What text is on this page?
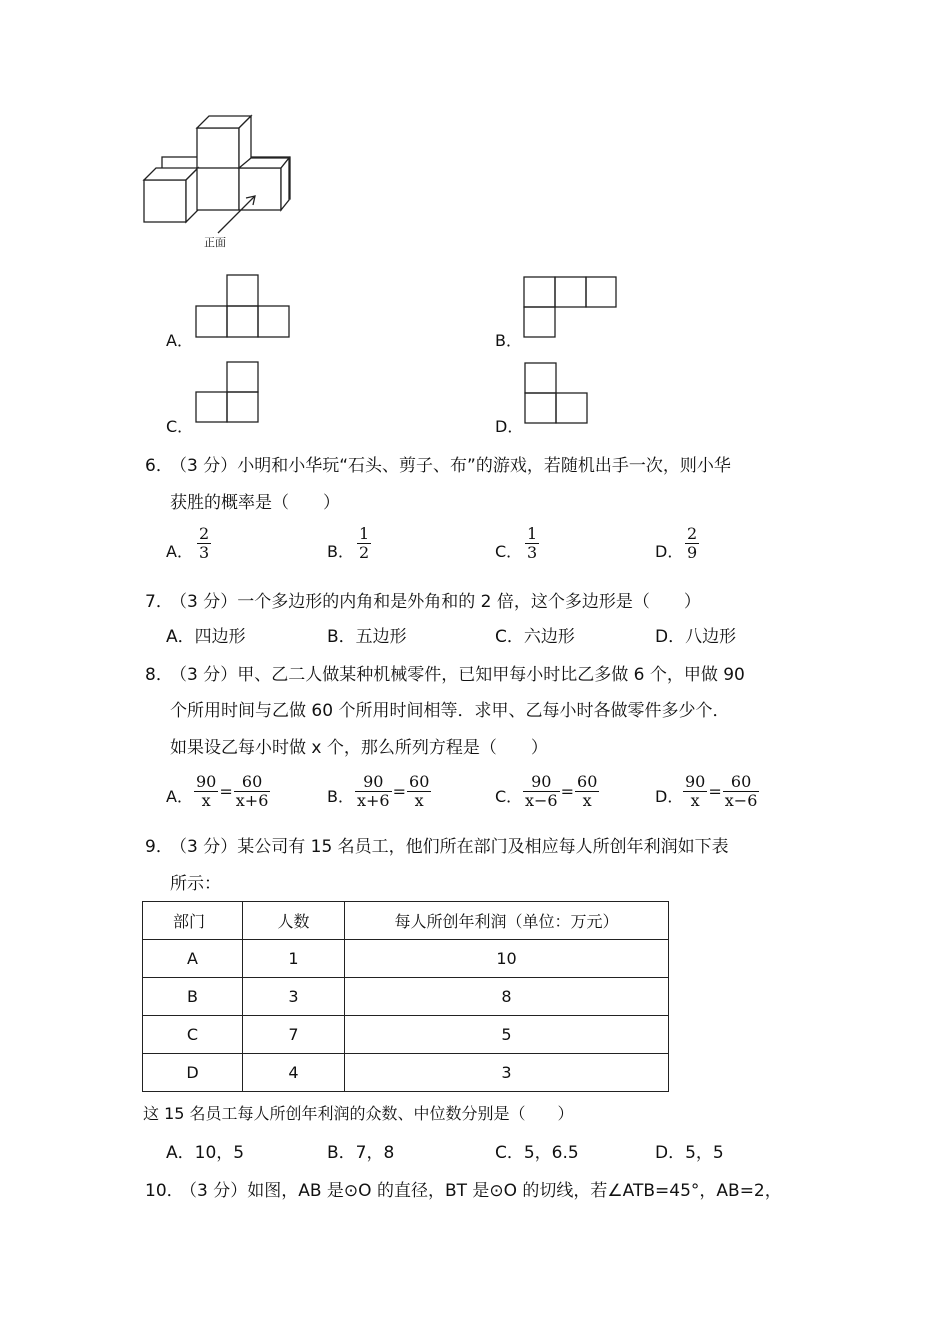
正面
A．	B．
C．	D．
6．
（3 分）小明和小华玩“石头、剪子、布”的游戏，若随机出手一次，则小华
获胜的概率是（　　）
A．
2
3	B．
1
2	C．
1
3	D．
2
9
7．
（3 分）一个多边形的内角和是外角和的 2 倍，这个多边形是（　　）
A．四边形	B．五边形	C．六边形	D．八边形
8．
（3 分）甲、乙二人做某种机械零件，已知甲每小时比乙多做 6 个，甲做 90
个所用时间与乙做 60 个所用时间相等．求甲、乙每小时各做零件多少个．
如果设乙每小时做 x 个，那么所列方程是（　　）
A． $\frac{90}{x} = \frac{60}{x+6}$	B． $\frac{90}{x+6} = \frac{60}{x}$	C． $\frac{90}{x-6} = \frac{60}{x}$	D． $\frac{90}{x} = \frac{60}{x-6}$
9．
（3 分）某公司有 15 名员工，他们所在部门及相应每人所创年利润如下表
所示：
部门	人数	每人所创年利润（单位：万元）
A	1	10
B	3	8
C	7	5
D	4	3
这 15 名员工每人所创年利润的众数、中位数分别是（　　）
A．10，5	B．7，8	C．5，6.5	D．5，5
10．
（3 分）如图，AB 是⊙O 的直径，BT 是⊙O 的切线，若∠ATB=45°，AB=2，
